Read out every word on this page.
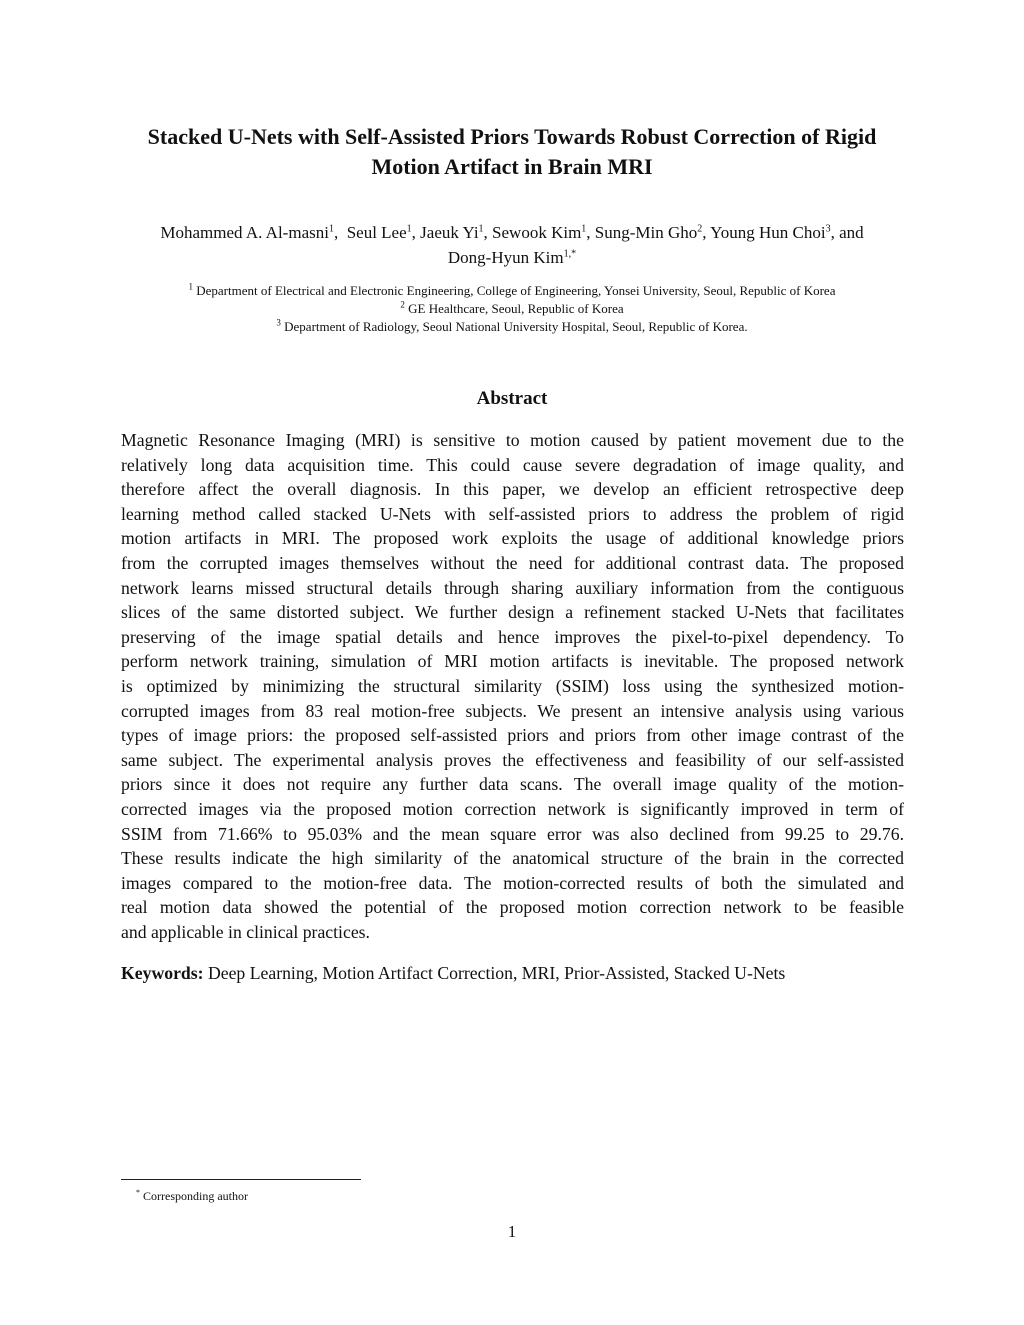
Stacked U-Nets with Self-Assisted Priors Towards Robust Correction of Rigid
Motion Artifact in Brain MRI
Mohammed A. Al-masni$^1$,  Seul Lee$^1$, Jaeuk Yi$^1$, Sewook Kim$^1$, Sung-Min Gho$^2$, Young Hun Choi$^3$, and
Dong-Hyun Kim$^{1,*}$
$^1$ Department of Electrical and Electronic Engineering, College of Engineering, Yonsei University, Seoul, Republic of Korea
$^2$ GE Healthcare, Seoul, Republic of Korea
$^3$ Department of Radiology, Seoul National University Hospital, Seoul, Republic of Korea.
Abstract
Magnetic Resonance Imaging (MRI) is sensitive to motion caused by patient movement due to the
relatively long data acquisition time. This could cause severe degradation of image quality, and
therefore affect the overall diagnosis. In this paper, we develop an efficient retrospective deep
learning method called stacked U-Nets with self-assisted priors to address the problem of rigid
motion artifacts in MRI. The proposed work exploits the usage of additional knowledge priors
from the corrupted images themselves without the need for additional contrast data. The proposed
network learns missed structural details through sharing auxiliary information from the contiguous
slices of the same distorted subject. We further design a refinement stacked U-Nets that facilitates
preserving of the image spatial details and hence improves the pixel-to-pixel dependency. To
perform network training, simulation of MRI motion artifacts is inevitable. The proposed network
is optimized by minimizing the structural similarity (SSIM) loss using the synthesized motion-
corrupted images from 83 real motion-free subjects. We present an intensive analysis using various
types of image priors: the proposed self-assisted priors and priors from other image contrast of the
same subject. The experimental analysis proves the effectiveness and feasibility of our self-assisted
priors since it does not require any further data scans. The overall image quality of the motion-
corrected images via the proposed motion correction network is significantly improved in term of
SSIM from 71.66% to 95.03% and the mean square error was also declined from 99.25 to 29.76.
These results indicate the high similarity of the anatomical structure of the brain in the corrected
images compared to the motion-free data. The motion-corrected results of both the simulated and
real motion data showed the potential of the proposed motion correction network to be feasible
and applicable in clinical practices.
Keywords: Deep Learning, Motion Artifact Correction, MRI, Prior-Assisted, Stacked U-Nets
* Corresponding author
1
